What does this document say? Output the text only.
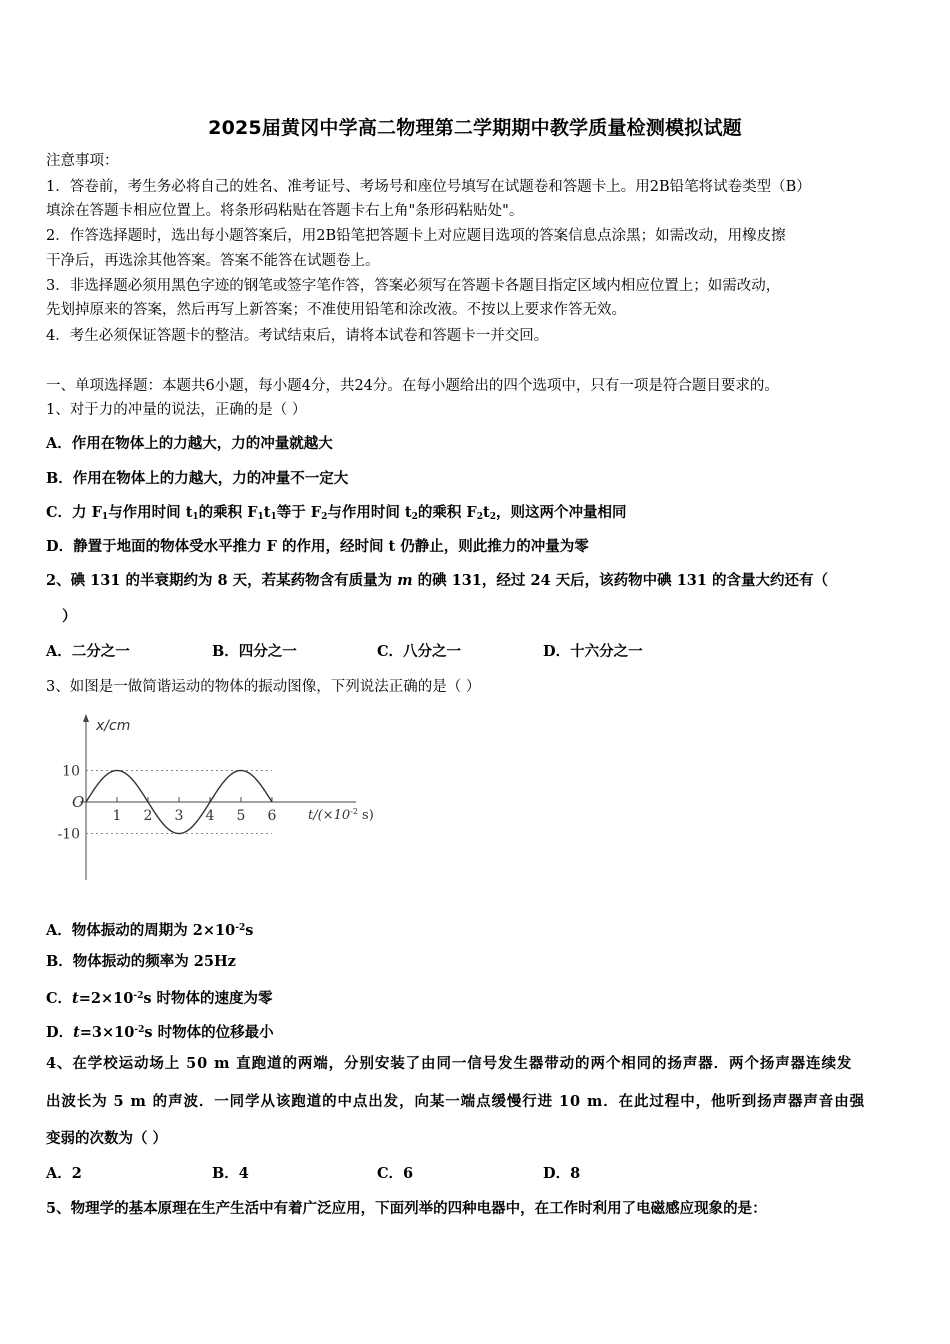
2025届黄冈中学高二物理第二学期期中教学质量检测模拟试题
注意事项：
1．答卷前，考生务必将自己的姓名、准考证号、考场号和座位号填写在试题卷和答题卡上。用2B铅笔将试卷类型（B）
填涂在答题卡相应位置上。将条形码粘贴在答题卡右上角"条形码粘贴处"。
2．作答选择题时，选出每小题答案后，用2B铅笔把答题卡上对应题目选项的答案信息点涂黑；如需改动，用橡皮擦
干净后，再选涂其他答案。答案不能答在试题卷上。
3．非选择题必须用黑色字迹的钢笔或签字笔作答，答案必须写在答题卡各题目指定区域内相应位置上；如需改动，
先划掉原来的答案，然后再写上新答案；不准使用铅笔和涂改液。不按以上要求作答无效。
4．考生必须保证答题卡的整洁。考试结束后，请将本试卷和答题卡一并交回。
一、单项选择题：本题共6小题，每小题4分，共24分。在每小题给出的四个选项中，只有一项是符合题目要求的。
1、对于力的冲量的说法，正确的是（ ）
A．作用在物体上的力越大，力的冲量就越大
B．作用在物体上的力越大，力的冲量不一定大
C．力 $F_1$与作用时间 $t_1$的乘积 $F_1t_1$等于 $F_2$与作用时间 $t_2$的乘积 $F_2t_2$，则这两个冲量相同
D．静置于地面的物体受水平推力 F 的作用，经时间 t 仍静止，则此推力的冲量为零
2、碘 131 的半衰期约为 8 天，若某药物含有质量为 m 的碘 131，经过 24 天后，该药物中碘 131 的含量大约还有（
）
A．二分之一	B．四分之一	C．八分之一	D．十六分之一
3、如图是一做简谐运动的物体的振动图像，下列说法正确的是（ ）
x/cm
O
$t/(\times 10^{-2}$ s)
10
-10
1 2 3 4 5 6
A．物体振动的周期为 $2\times 10^{-2}s$
B．物体振动的频率为 25Hz
C．$t=2\times 10^{-2}s$ 时物体的速度为零
D．$t=3\times 10^{-2}s$ 时物体的位移最小
4、在学校运动场上 50 m 直跑道的两端，分别安装了由同一信号发生器带动的两个相同的扬声器．两个扬声器连续发
出波长为 5 m 的声波．一同学从该跑道的中点出发，向某一端点缓慢行进 10 m．在此过程中，他听到扬声器声音由强
变弱的次数为（ ）
A．2	B．4	C．6	D．8
5、物理学的基本原理在生产生活中有着广泛应用，下面列举的四种电器中，在工作时利用了电磁感应现象的是：
